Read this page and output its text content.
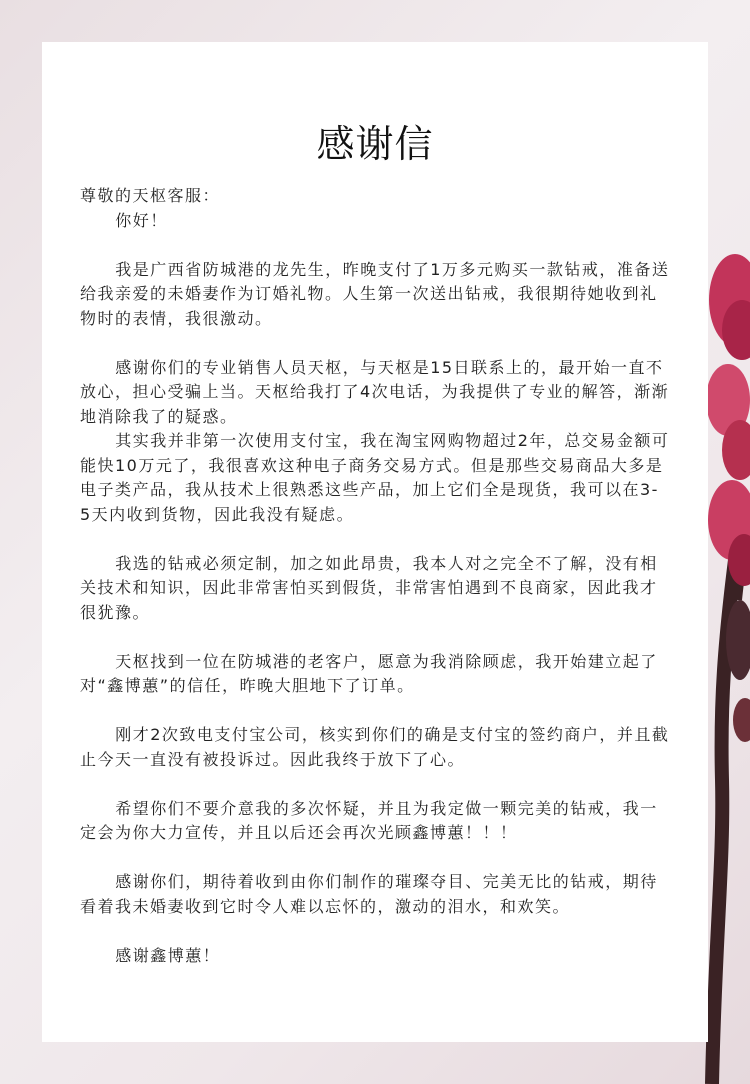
感谢信

尊敬的天枢客服：

你好！

我是广西省防城港的龙先生，昨晚支付了1万多元购买一款钻戒，准备送给我亲爱的未婚妻作为订婚礼物。人生第一次送出钻戒，我很期待她收到礼物时的表情，我很激动。

感谢你们的专业销售人员天枢，与天枢是15日联系上的，最开始一直不放心，担心受骗上当。天枢给我打了4次电话，为我提供了专业的解答，渐渐地消除我了的疑惑。

其实我并非第一次使用支付宝，我在淘宝网购物超过2年，总交易金额可能快10万元了，我很喜欢这种电子商务交易方式。但是那些交易商品大多是电子类产品，我从技术上很熟悉这些产品，加上它们全是现货，我可以在3-5天内收到货物，因此我没有疑虑。

我选的钻戒必须定制，加之如此昂贵，我本人对之完全不了解，没有相关技术和知识，因此非常害怕买到假货，非常害怕遇到不良商家，因此我才很犹豫。

天枢找到一位在防城港的老客户，愿意为我消除顾虑，我开始建立起了对“鑫博蕙”的信任，昨晚大胆地下了订单。

刚才2次致电支付宝公司，核实到你们的确是支付宝的签约商户，并且截止今天一直没有被投诉过。因此我终于放下了心。

希望你们不要介意我的多次怀疑，并且为我定做一颗完美的钻戒，我一定会为你大力宣传，并且以后还会再次光顾鑫博蕙！！！

感谢你们，期待着收到由你们制作的璀璨夺目、完美无比的钻戒，期待看着我未婚妻收到它时令人难以忘怀的，激动的泪水，和欢笑。

感谢鑫博蕙！
